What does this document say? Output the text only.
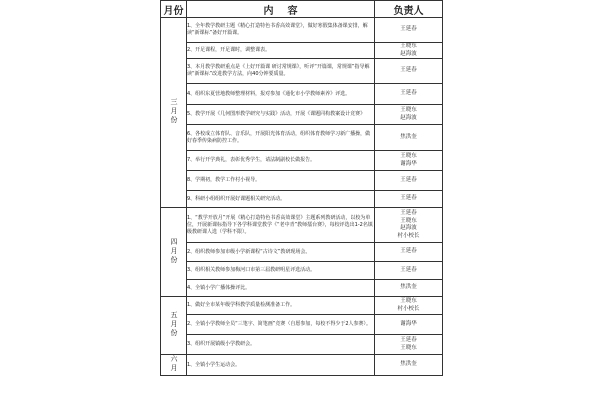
月份	内容	负责人
三月份	1、全年教学教研主题《精心打造特色书香高效课堂》，做好寒假集体备课安排，解读“新课标”备好开篇课。	王延春

	2、开足课程，开足课时，调整课表。	王晓东
赵海波

	3、本月教学教研重点是《上好开篇课 研讨常规课》，听评“开篇课，常规课”指导解读“新课标”改进教学方法，向40分钟要质量。	王延春

	4、组织东夏营地教师整理材料，报对参加《通化市小学教师素养》评选。	王延春

	5、教学开展《几何图形教学研究与实践》活动，开展《课题同构教案设计竞赛》	王晓东
赵海波

	6、各校成立体育队、音乐队，开展阳光体育活动，组织体育教师学习新广播操，做好春季传染病防控工作。	焦洪奎

	7、举行开学典礼，表彰优秀学生，请法制副校长做报告。	王晓东
谢海华

	8、学期初，教学工作村小视导。	王延春

	9、科研小组组织开展好课题相关研究活动。	王延春

四月份	1、“教学开放月”开展《精心打造特色书香高效课堂》主题系列教研活动，以校为单位，开展新课标指导下各学科课堂教学《“老中青”教师擂台赛》，每校评选出1-2名镇级教研课人选（学科不限）。	王延春
王晓东
赵海波
村小校长

	2、组织教师参加市级小学新课程“古诗文”教研现场会。	王延春

	3、组织相关教师参加梅河口市第三届教研明星评选活动。	王延春

	4、全镇小学广播体操评比。	焦洪奎

五月份	1、做好全市某年级学科教学质量检测准备工作。	王晓东
村小校长

	2、全镇小学教师全员“三笔字、简笔画”竞赛（自愿参加，每校不得少于2人参赛）。	谢海华

	3、组织开展镇级小学教研会。	王延春
王晓东

六月	1、全镇小学生运动会。	焦洪奎
